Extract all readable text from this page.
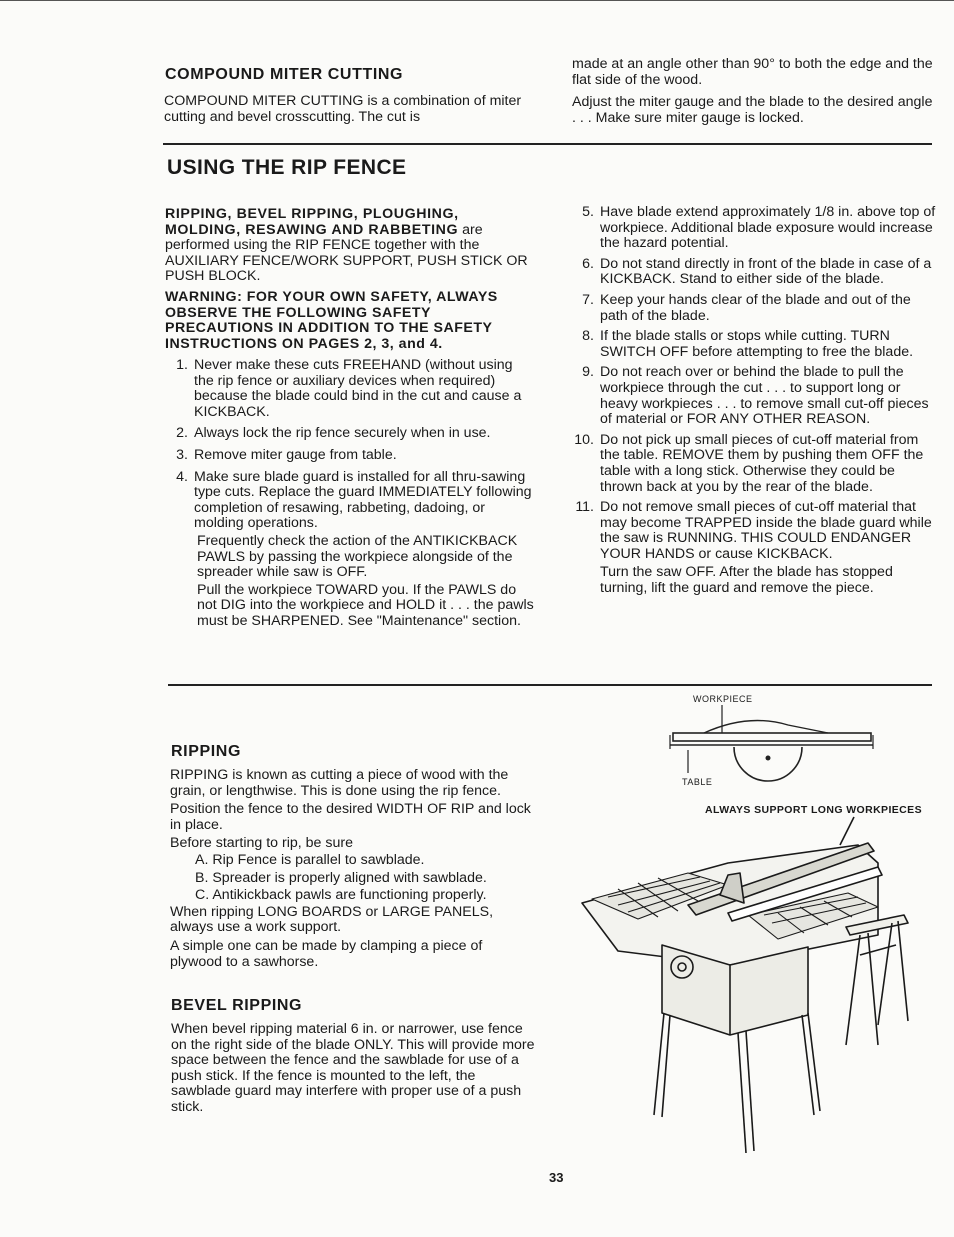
COMPOUND MITER CUTTING

COMPOUND MITER CUTTING is a combination of miter cutting and bevel crosscutting. The cut is

made at an angle other than 90° to both the edge and the flat side of the wood.

Adjust the miter gauge and the blade to the desired angle . . . Make sure miter gauge is locked.

USING THE RIP FENCE

RIPPING, BEVEL RIPPING, PLOUGHING, MOLDING, RESAWING AND RABBETING are performed using the RIP FENCE together with the AUXILIARY FENCE/WORK SUPPORT, PUSH STICK OR PUSH BLOCK.

WARNING: FOR YOUR OWN SAFETY, ALWAYS OBSERVE THE FOLLOWING SAFETY PRECAUTIONS IN ADDITION TO THE SAFETY INSTRUCTIONS ON PAGES 2, 3, and 4.

1. Never make these cuts FREEHAND (without using the rip fence or auxiliary devices when required) because the blade could bind in the cut and cause a KICKBACK.
2. Always lock the rip fence securely when in use.
3. Remove miter gauge from table.
4. Make sure blade guard is installed for all thru-sawing type cuts. Replace the guard IMMEDIATELY following completion of resawing, rabbeting, dadoing, or molding operations.

Frequently check the action of the ANTIKICKBACK PAWLS by passing the workpiece alongside of the spreader while saw is OFF.

Pull the workpiece TOWARD you. If the PAWLS do not DIG into the workpiece and HOLD it . . . the pawls must be SHARPENED. See "Maintenance" section.

5. Have blade extend approximately 1/8 in. above top of workpiece. Additional blade exposure would increase the hazard potential.
6. Do not stand directly in front of the blade in case of a KICKBACK. Stand to either side of the blade.
7. Keep your hands clear of the blade and out of the path of the blade.
8. If the blade stalls or stops while cutting. TURN SWITCH OFF before attempting to free the blade.
9. Do not reach over or behind the blade to pull the workpiece through the cut . . . to support long or heavy workpieces . . . to remove small cut-off pieces of material or FOR ANY OTHER REASON.
10. Do not pick up small pieces of cut-off material from the table. REMOVE them by pushing them OFF the table with a long stick. Otherwise they could be thrown back at you by the rear of the blade.
11. Do not remove small pieces of cut-off material that may become TRAPPED inside the blade guard while the saw is RUNNING. THIS COULD ENDANGER YOUR HANDS or cause KICKBACK.

Turn the saw OFF. After the blade has stopped turning, lift the guard and remove the piece.

RIPPING

RIPPING is known as cutting a piece of wood with the grain, or lengthwise. This is done using the rip fence.

Position the fence to the desired WIDTH OF RIP and lock in place.

Before starting to rip, be sure

A. Rip Fence is parallel to sawblade.
B. Spreader is properly aligned with sawblade.
C. Antikickback pawls are functioning properly.

When ripping LONG BOARDS or LARGE PANELS, always use a work support.

A simple one can be made by clamping a piece of plywood to a sawhorse.

BEVEL RIPPING

When bevel ripping material 6 in. or narrower, use fence on the right side of the blade ONLY. This will provide more space between the fence and the sawblade for use of a push stick. If the fence is mounted to the left, the sawblade guard may interfere with proper use of a push stick.

WORKPIECE
TABLE
ALWAYS SUPPORT LONG WORKPIECES
33
